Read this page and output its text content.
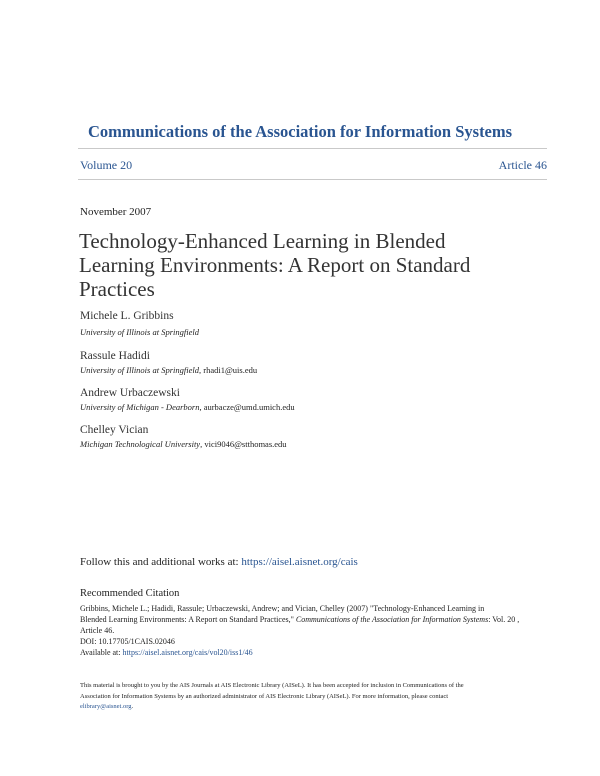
Communications of the Association for Information Systems
Volume 20	Article 46
November 2007
Technology-Enhanced Learning in Blended
Learning Environments: A Report on Standard
Practices
Michele L. Gribbins
University of Illinois at Springfield
Rassule Hadidi
University of Illinois at Springfield, rhadi1@uis.edu
Andrew Urbaczewski
University of Michigan - Dearborn, aurbacze@umd.umich.edu
Chelley Vician
Michigan Technological University, vici9046@stthomas.edu
Follow this and additional works at: https://aisel.aisnet.org/cais
Recommended Citation
Gribbins, Michele L.; Hadidi, Rassule; Urbaczewski, Andrew; and Vician, Chelley (2007) "Technology-Enhanced Learning in
Blended Learning Environments: A Report on Standard Practices," Communications of the Association for Information Systems: Vol. 20 ,
Article 46.
DOI: 10.17705/1CAIS.02046
Available at: https://aisel.aisnet.org/cais/vol20/iss1/46
This material is brought to you by the AIS Journals at AIS Electronic Library (AISeL). It has been accepted for inclusion in Communications of the
Association for Information Systems by an authorized administrator of AIS Electronic Library (AISeL). For more information, please contact
elibrary@aisnet.org.
